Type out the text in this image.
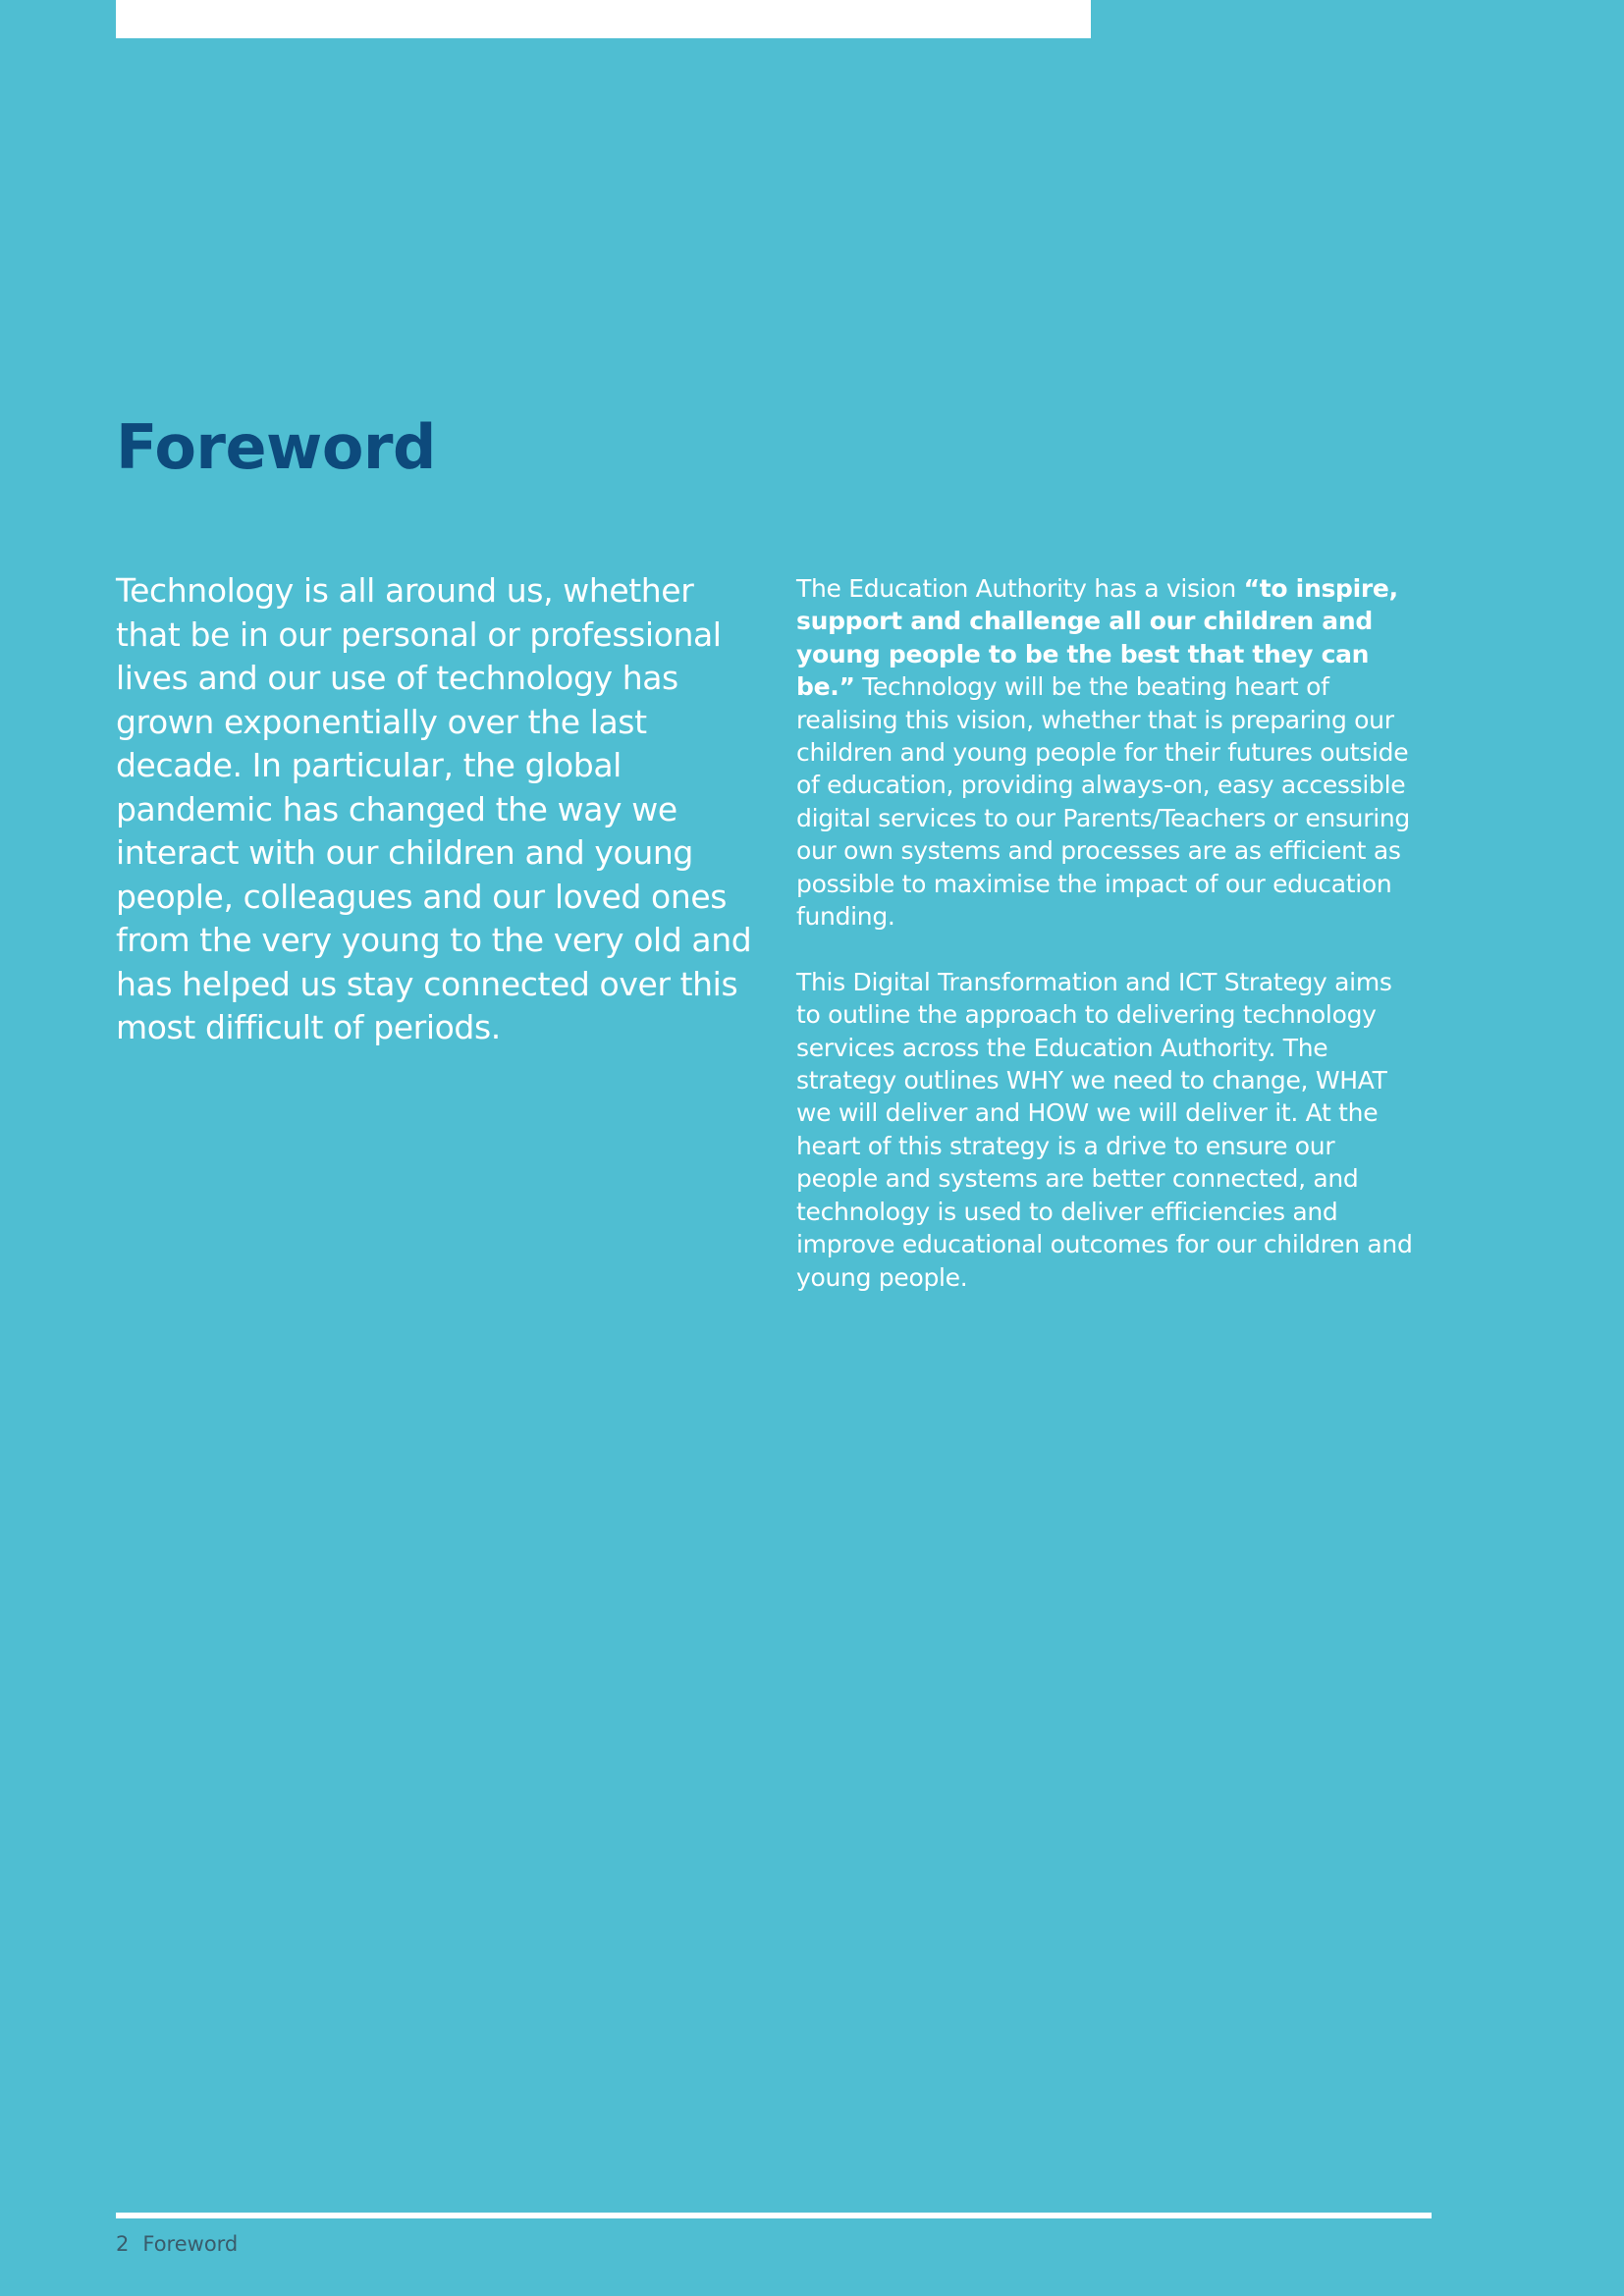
Foreword

Technology is all around us, whether that be in our personal or professional lives and our use of technology has grown exponentially over the last decade. In particular, the global pandemic has changed the way we interact with our children and young people, colleagues and our loved ones from the very young to the very old and has helped us stay connected over this most difficult of periods.

The Education Authority has a vision “to inspire, support and challenge all our children and young people to be the best that they can be.” Technology will be the beating heart of realising this vision, whether that is preparing our children and young people for their futures outside of education, providing always-on, easy accessible digital services to our Parents/Teachers or ensuring our own systems and processes are as efficient as possible to maximise the impact of our education funding.

This Digital Transformation and ICT Strategy aims to outline the approach to delivering technology services across the Education Authority. The strategy outlines WHY we need to change, WHAT we will deliver and HOW we will deliver it. At the heart of this strategy is a drive to ensure our people and systems are better connected, and technology is used to deliver efficiencies and improve educational outcomes for our children and young people.

2 Foreword
